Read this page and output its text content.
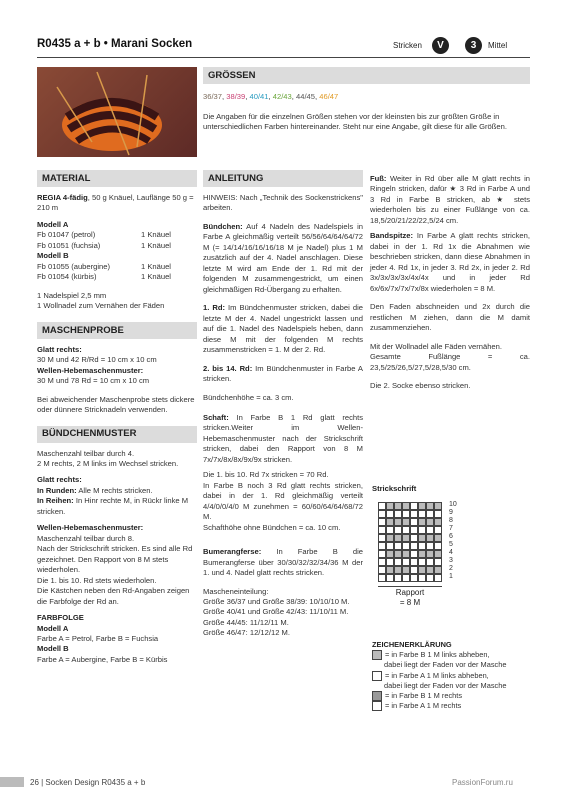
R0435 a + b • Marani Socken	Stricken	V	3	Mittel
GRÖSSEN
36/37, 38/39, 40/41, 42/43, 44/45, 46/47
Die Angaben für die einzelnen Größen stehen vor der kleinsten bis zur größten Größe in unterschiedlichen Farben hintereinander. Steht nur eine Angabe, gilt diese für alle Größen.
MATERIAL

REGIA 4-fädig, 50 g Knäuel, Lauflänge 50 g = 210 m

Modell A
Fb 01047 (petrol)	1 Knäuel
Fb 01051 (fuchsia)	1 Knäuel
Modell B
Fb 01055 (aubergine)	1 Knäuel
Fb 01054 (kürbis)	1 Knäuel

1 Nadelspiel 2,5 mm
1 Wollnadel zum Vernähen der Fäden

MASCHENPROBE

Glatt rechts:
30 M und 42 R/Rd = 10 cm x 10 cm
Wellen-Hebemaschenmuster:
30 M und 78 Rd = 10 cm x 10 cm

Bei abweichender Maschenprobe stets dickere oder dünnere Stricknadeln verwenden.

BÜNDCHENMUSTER

Maschenzahl teilbar durch 4.
2 M rechts, 2 M links im Wechsel stricken.

Glatt rechts:
In Runden: Alle M rechts stricken.
In Reihen: In Hinr rechte M, in Rückr linke M stricken.

Wellen-Hebemaschenmuster:
Maschenzahl teilbar durch 8.
Nach der Strickschrift stricken. Es sind alle Rd gezeichnet. Den Rapport von 8 M stets wiederholen.
Die 1. bis 10. Rd stets wiederholen.
Die Kästchen neben den Rd-Angaben zeigen die Farbfolge der Rd an.

FARBFOLGE
Modell A
Farbe A = Petrol, Farbe B = Fuchsia
Modell B
Farbe A = Aubergine, Farbe B = Kürbis

ANLEITUNG

HINWEIS: Nach „Technik des Sockenstrickens" arbeiten.

Bündchen: Auf 4 Nadeln des Nadelspiels in Farbe A gleichmäßig verteilt 56/56/64/64/64/72 M (= 14/14/16/16/16/18 M je Nadel) plus 1 M zusätzlich auf der 4. Nadel anschlagen. Diese letzte M wird am Ende der 1. Rd mit der folgenden M zusammengestrickt, um einen gleichmäßigen Rd-Übergang zu erhalten.

1. Rd: Im Bündchenmuster stricken, dabei die letzte M der 4. Nadel ungestrickt lassen und auf die 1. Nadel des Nadelspiels heben, dann diese M mit der folgenden M rechts zusammenstricken = 1. M der 2. Rd.

2. bis 14. Rd: Im Bündchenmuster in Farbe A stricken.

Bündchenhöhe = ca. 3 cm.

Schaft: In Farbe B 1 Rd glatt rechts stricken.Weiter im Wellen-Hebemaschenmuster nach der Strickschrift stricken, dabei den Rapport von 8 M 7x/7x/8x/8x/9x/9x stricken.

Die 1. bis 10. Rd 7x stricken = 70 Rd.
In Farbe B noch 3 Rd glatt rechts stricken, dabei in der 1. Rd gleichmäßig verteilt 4/4/0/0/4/0 M zunehmen = 60/60/64/64/68/72 M.
Schafthöhe ohne Bündchen = ca. 10 cm.

Bumerangferse: In Farbe B die Bumerangferse über 30/30/32/32/34/36 M der 1. und 4. Nadel glatt rechts stricken.

Mascheneinteilung:
Größe 36/37 und Größe 38/39: 10/10/10 M.
Größe 40/41 und Größe 42/43: 11/10/11 M.
Größe 44/45: 11/12/11 M.
Größe 46/47: 12/12/12 M.

Fuß: Weiter in Rd über alle M glatt rechts in Ringeln stricken, dafür ★ 3 Rd in Farbe A und 3 Rd in Farbe B stricken, ab ★ stets wiederholen bis zu einer Fußlänge von ca. 18,5/20/21/22/22,5/24 cm.

Bandspitze: In Farbe A glatt rechts stricken, dabei in der 1. Rd 1x die Abnahmen wie beschrieben stricken, dann diese Abnahmen in jeder 4. Rd 1x, in jeder 3. Rd 2x, in jeder 2. Rd 3x/3x/3x/3x/4x/4x und in jeder Rd 6x/6x/7x/7x/7x/8x wiederholen = 8 M.

Den Faden abschneiden und 2x durch die restlichen M ziehen, dann die M damit zusammenziehen.

Mit der Wollnadel alle Fäden vernähen.
Gesamte Fußlänge = ca. 23,5/25/26,5/27,5/28,5/30 cm.

Die 2. Socke ebenso stricken.

Strickschrift
10
9
8
7
6
5
4
3
2
1
Rapport
= 8 M
ZEICHENERKLÄRUNG
= in Farbe B 1 M links abheben,
dabei liegt der Faden vor der Masche
= in Farbe A 1 M links abheben,
dabei liegt der Faden vor der Masche
= in Farbe B 1 M rechts
= in Farbe A 1 M rechts
26 | Socken Design R0435 a + b	PassionForum.ru
